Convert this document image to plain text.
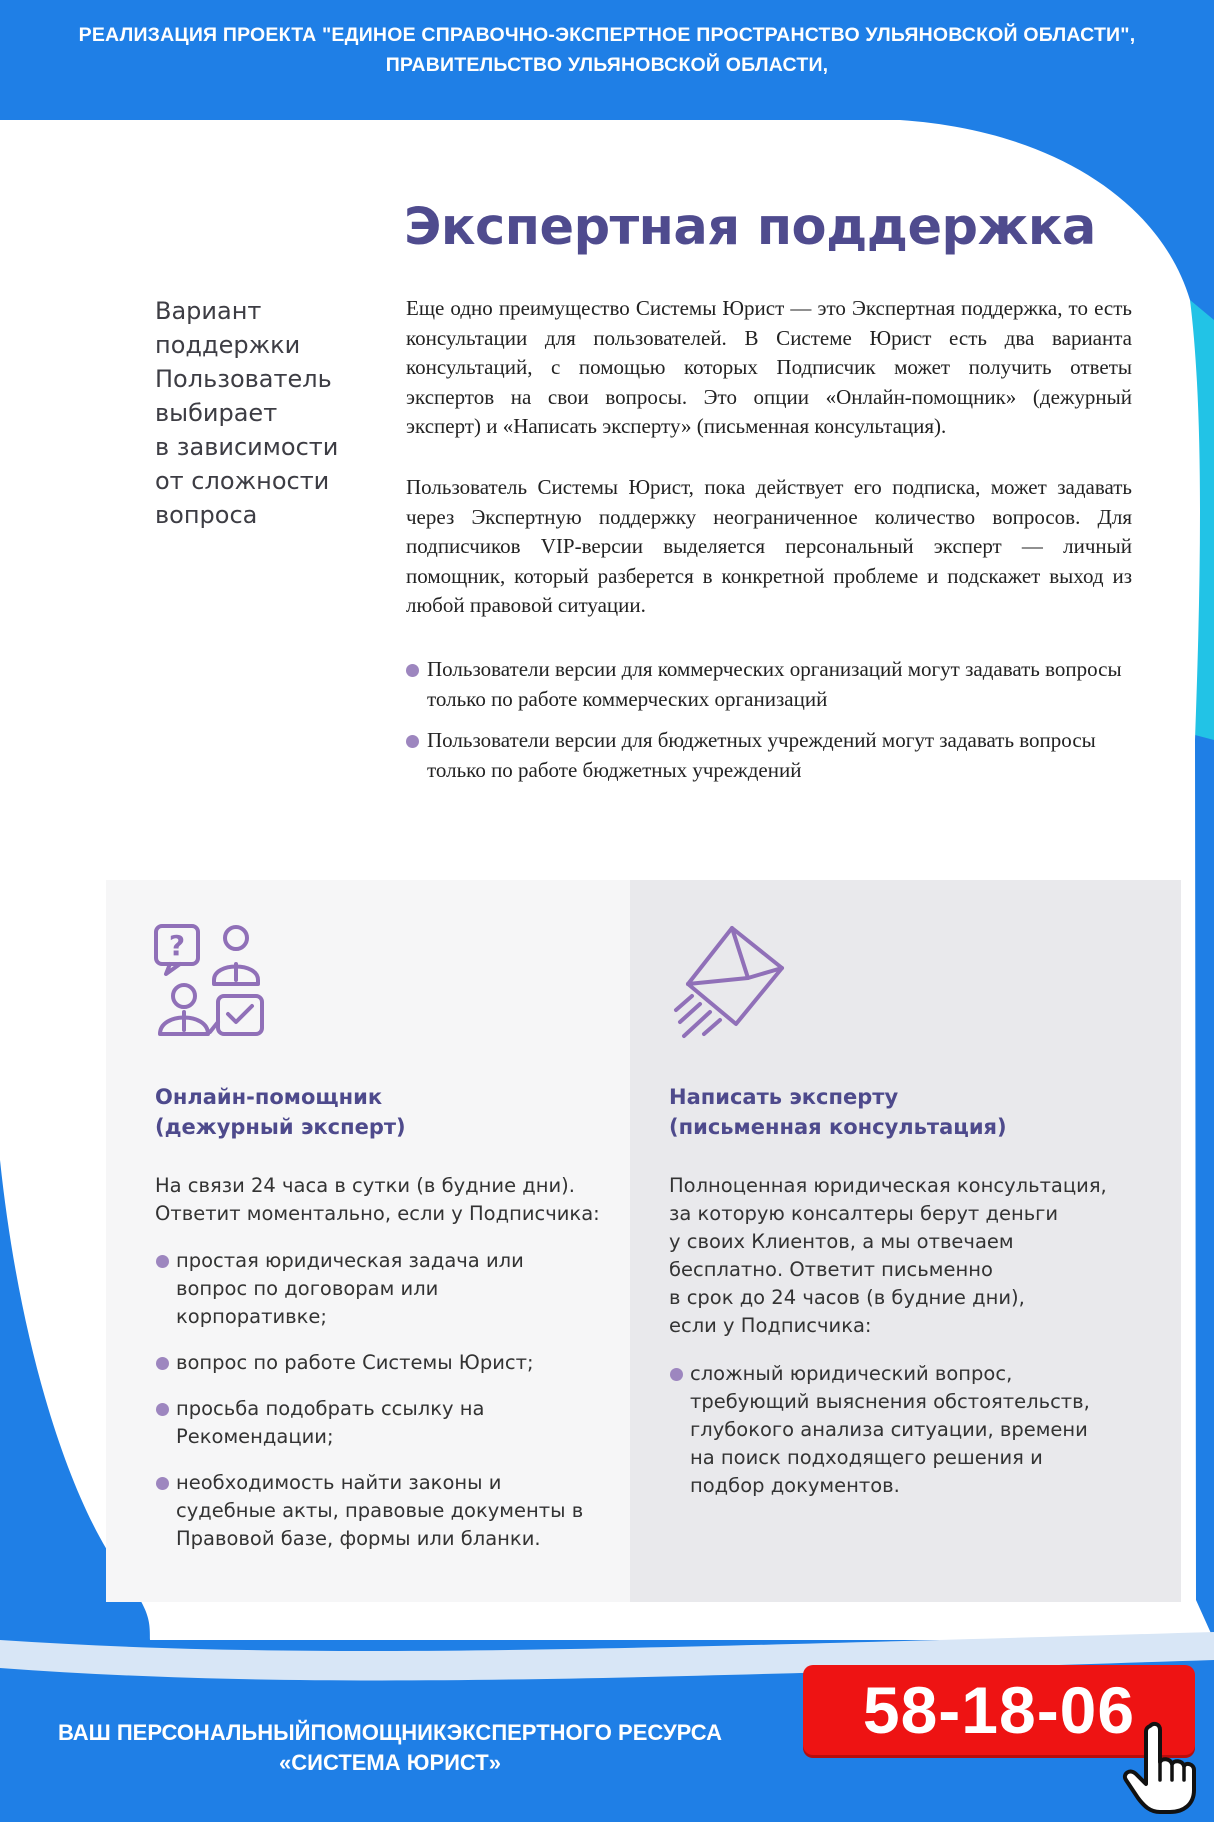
РЕАЛИЗАЦИЯ ПРОЕКТА "ЕДИНОЕ СПРАВОЧНО-ЭКСПЕРТНОЕ ПРОСТРАНСТВО УЛЬЯНОВСКОЙ ОБЛАСТИ",
ПРАВИТЕЛЬСТВО УЛЬЯНОВСКОЙ ОБЛАСТИ,
Экспертная поддержка
Вариант
поддержки
Пользователь
выбирает
в зависимости
от сложности
вопроса

Еще одно преимущество Системы Юрист — это Экспертная поддержка, то есть консультации для пользователей. В Системе Юрист есть два варианта консультаций, с помощью которых Подписчик может получить ответы экспертов на свои вопросы. Это опции «Онлайн-помощник» (дежурный эксперт) и «Написать эксперту» (письменная консультация).

Пользователь Системы Юрист, пока действует его подписка, может задавать через Экспертную поддержку неограниченное количество вопросов. Для подписчиков VIP-версии выделяется персональный эксперт — личный помощник, который разберется в конкретной проблеме и подскажет выход из любой правовой ситуации.

Пользователи версии для коммерческих организаций могут задавать вопросы только по работе коммерческих организаций
Пользователи версии для бюджетных учреждений могут задавать вопросы только по работе бюджетных учреждений
?
Онлайн-помощник
(дежурный эксперт)
На связи 24 часа в сутки (в будние дни).
Ответит моментально, если у Подписчика:
простая юридическая задача или вопрос по договорам или корпоративке;
вопрос по работе Системы Юрист;
просьба подобрать ссылку на Рекомендации;
необходимость найти законы и судебные акты, правовые документы в Правовой базе, формы или бланки.
Написать эксперту
(письменная консультация)
Полноценная юридическая консультация,
за которую консалтеры берут деньги
у своих Клиентов, а мы отвечаем
бесплатно. Ответит письменно
в срок до 24 часов (в будние дни),
если у Подписчика:
сложный юридический вопрос, требующий выяснения обстоятельств, глубокого анализа ситуации, времени на поиск подходящего решения и подбор документов.
ВАШ ПЕРСОНАЛЬНЫЙПОМОЩНИКЭКСПЕРТНОГО РЕСУРСА
«СИСТЕМА ЮРИСТ»
58-18-06
